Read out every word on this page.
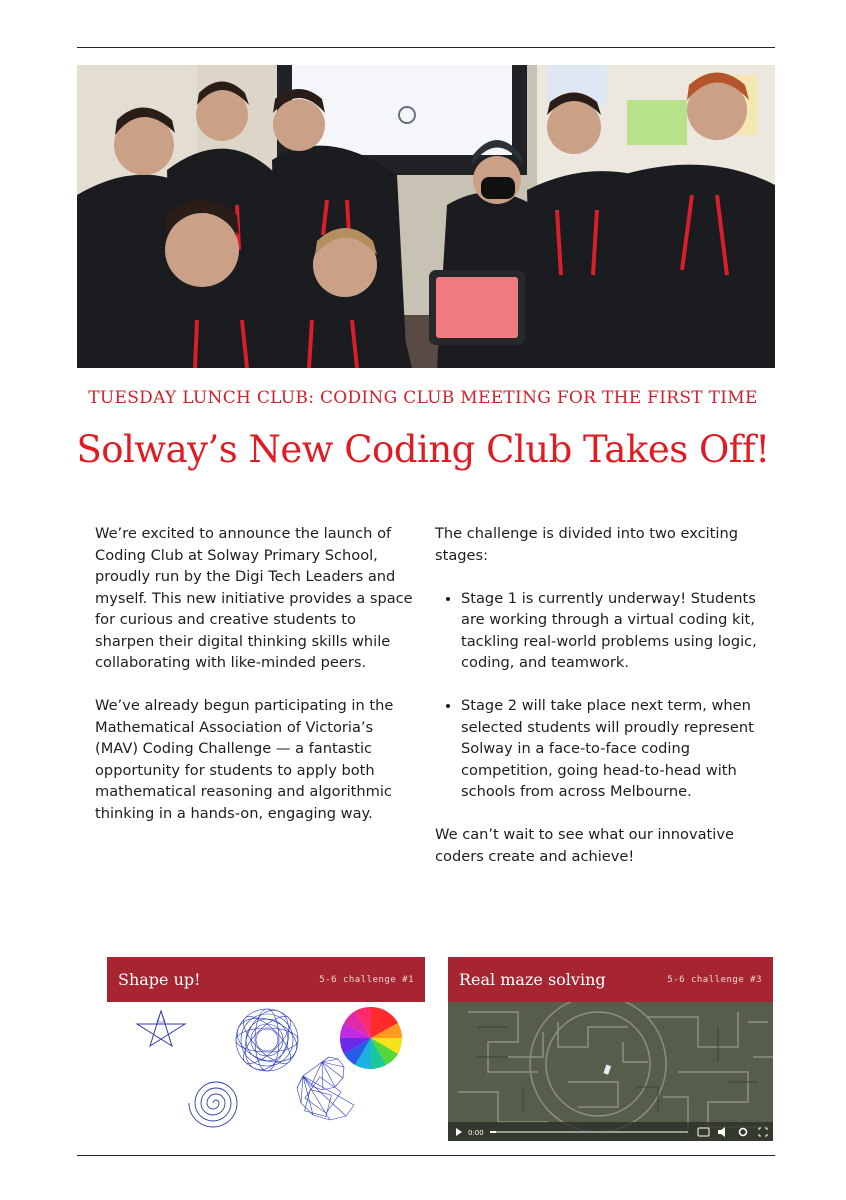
TUESDAY LUNCH CLUB: CODING CLUB MEETING FOR THE FIRST TIME
Solway’s New Coding Club Takes Off!

We’re excited to announce the launch of Coding Club at Solway Primary School, proudly run by the Digi Tech Leaders and myself. This new initiative provides a space for curious and creative students to sharpen their digital thinking skills while collaborating with like-minded peers.

We’ve already begun participating in the Mathematical Association of Victoria’s (MAV) Coding Challenge — a fantastic opportunity for students to apply both mathematical reasoning and algorithmic thinking in a hands-on, engaging way.

The challenge is divided into two exciting stages:

• Stage 1 is currently underway! Students are working through a virtual coding kit, tackling real-world problems using logic, coding, and teamwork.
• Stage 2 will take place next term, when selected students will proudly represent Solway in a face-to-face coding competition, going head-to-head with schools from across Melbourne.

We can’t wait to see what our innovative coders create and achieve!

Shape up!	5-6 challenge #1	Real maze solving	5-6 challenge #3
0:00
